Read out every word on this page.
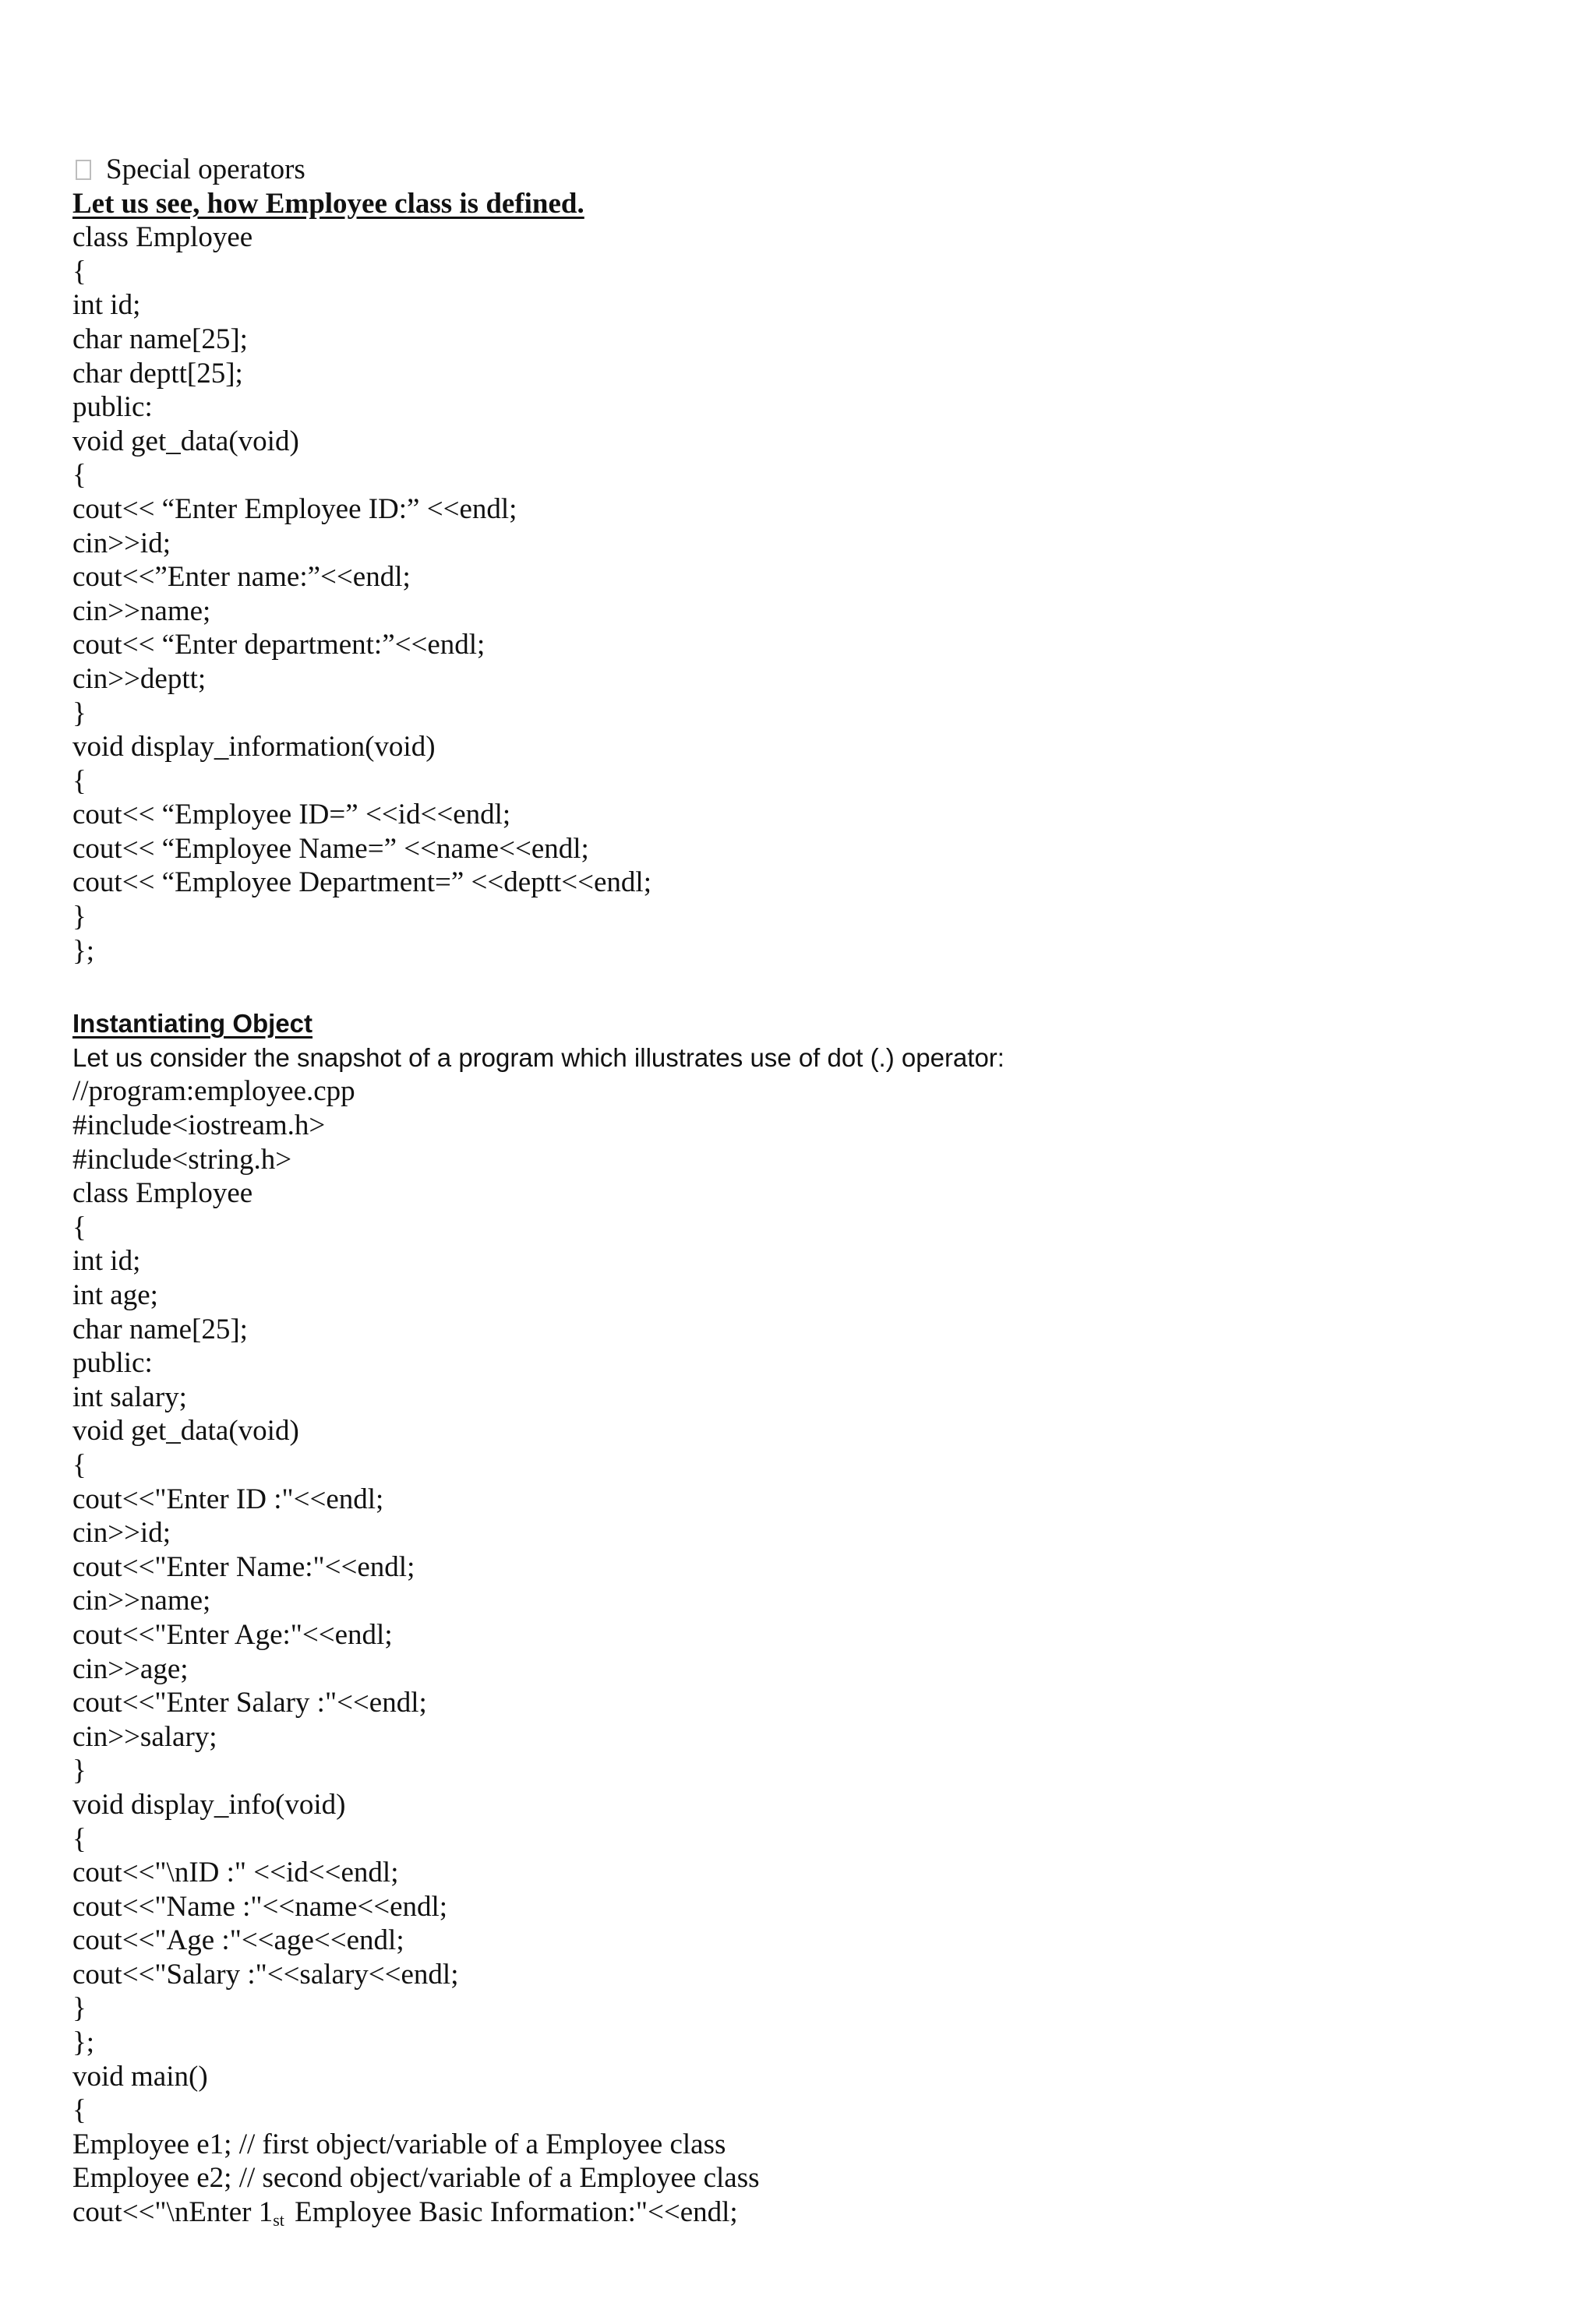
Special operators
Let us see, how Employee class is defined.
class Employee
{
int id;
char name[25];
char deptt[25];
public:
void get_data(void)
{
cout<< “Enter Employee ID:” <<endl;
cin>>id;
cout<<”Enter name:”<<endl;
cin>>name;
cout<< “Enter department:”<<endl;
cin>>deptt;
}
void display_information(void)
{
cout<< “Employee ID=” <<id<<endl;
cout<< “Employee Name=” <<name<<endl;
cout<< “Employee Department=” <<deptt<<endl;
}
};
Instantiating Object
Let us consider the snapshot of a program which illustrates use of dot (.) operator:
//program:employee.cpp
#include<iostream.h>
#include<string.h>
class Employee
{
int id;
int age;
char name[25];
public:
int salary;
void get_data(void)
{
cout<<"Enter ID :"<<endl;
cin>>id;
cout<<"Enter Name:"<<endl;
cin>>name;
cout<<"Enter Age:"<<endl;
cin>>age;
cout<<"Enter Salary :"<<endl;
cin>>salary;
}
void display_info(void)
{
cout<<"\nID :" <<id<<endl;
cout<<"Name :"<<name<<endl;
cout<<"Age :"<<age<<endl;
cout<<"Salary :"<<salary<<endl;
}
};
void main()
{
Employee e1; // first object/variable of a Employee class
Employee e2; // second object/variable of a Employee class
cout<<"\nEnter $1_{st}$ Employee Basic Information:"<<endl;
